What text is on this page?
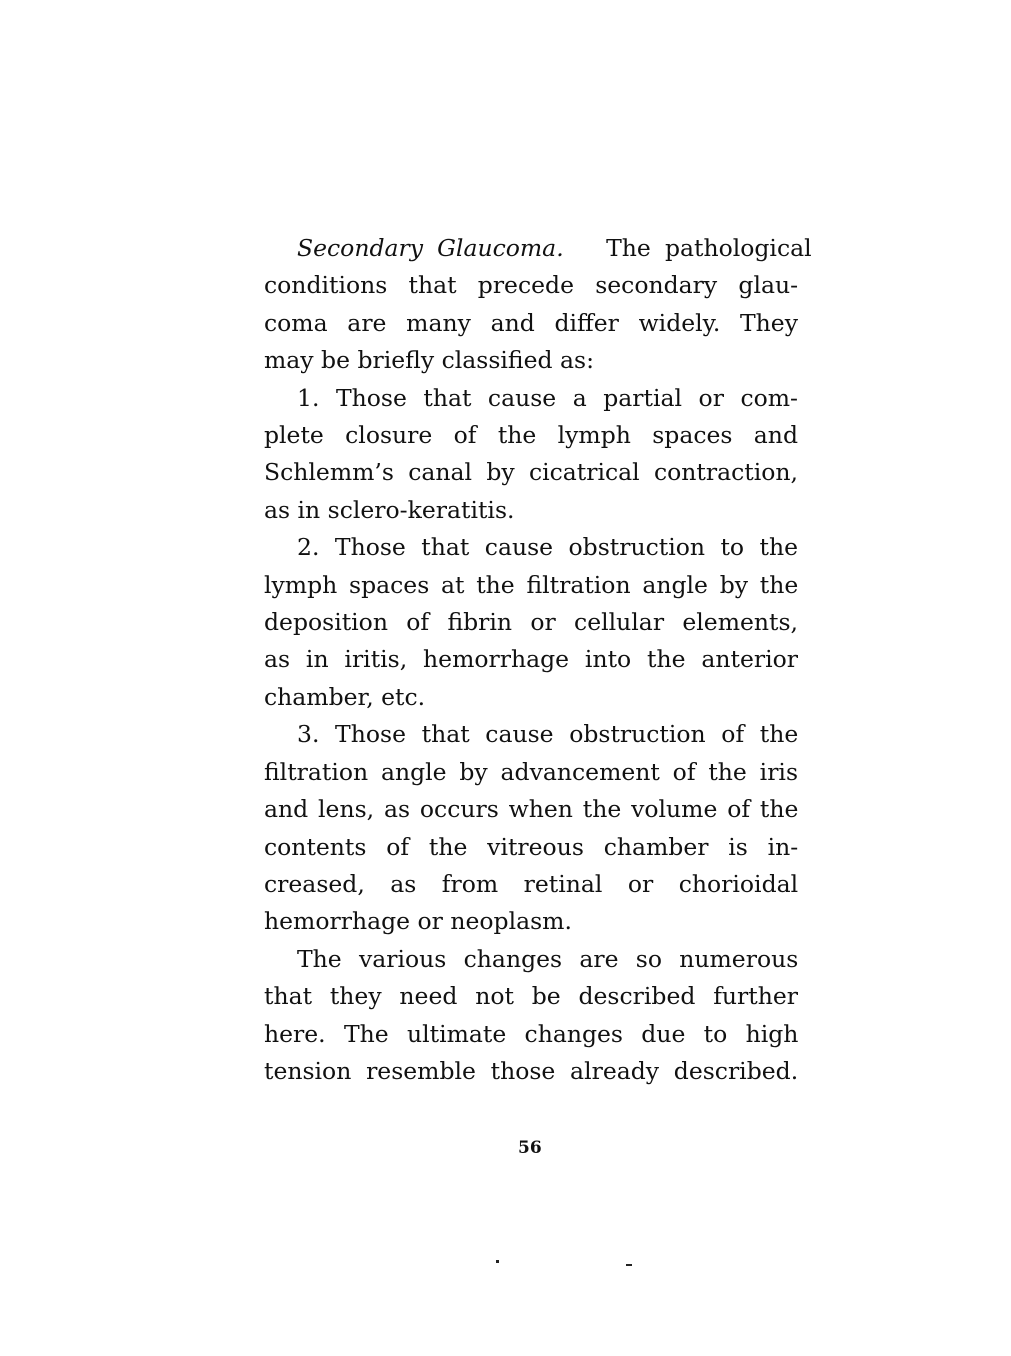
Secondary Glaucoma. The pathological
conditions that precede secondary glau-
coma are many and differ widely. They
may be briefly classified as:
1. Those that cause a partial or com-
plete closure of the lymph spaces and
Schlemm’s canal by cicatrical contraction,
as in sclero-keratitis.
2. Those that cause obstruction to the
lymph spaces at the filtration angle by the
deposition of fibrin or cellular elements,
as in iritis, hemorrhage into the anterior
chamber, etc.
3. Those that cause obstruction of the
filtration angle by advancement of the iris
and lens, as occurs when the volume of the
contents of the vitreous chamber is in-
creased, as from retinal or chorioidal
hemorrhage or neoplasm.
The various changes are so numerous
that they need not be described further
here. The ultimate changes due to high
tension resemble those already described.
56
